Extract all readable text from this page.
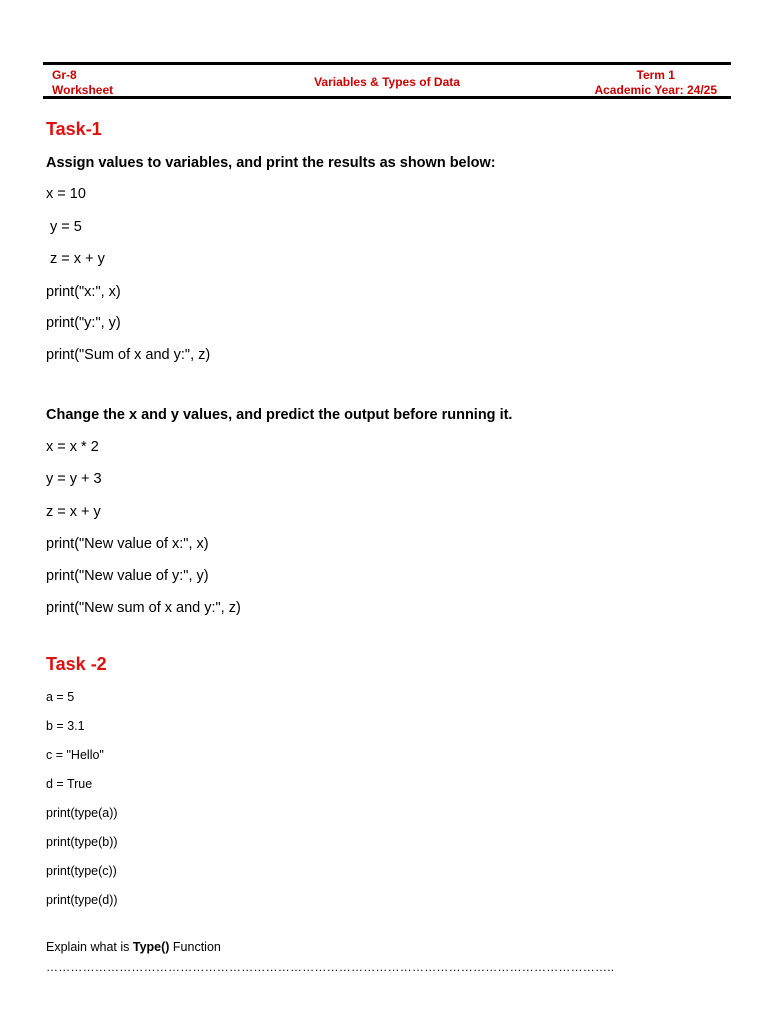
Gr-8
Worksheet
Variables & Types of Data	Term 1
Academic Year: 24/25
Task-1
Assign values to variables, and print the results as shown below:
x = 10
y = 5
z = x + y
print("x:", x)
print("y:", y)
print("Sum of x and y:", z)
Change the x and y values, and predict the output before running it.
x = x * 2
y = y + 3
z = x + y
print("New value of x:", x)
print("New value of y:", y)
print("New sum of x and y:", z)
Task -2
a = 5
b = 3.1
c = "Hello"
d = True
print(type(a))
print(type(b))
print(type(c))
print(type(d))
Explain what is Type() Function
…………………………………………………………………………………………………………………………..
